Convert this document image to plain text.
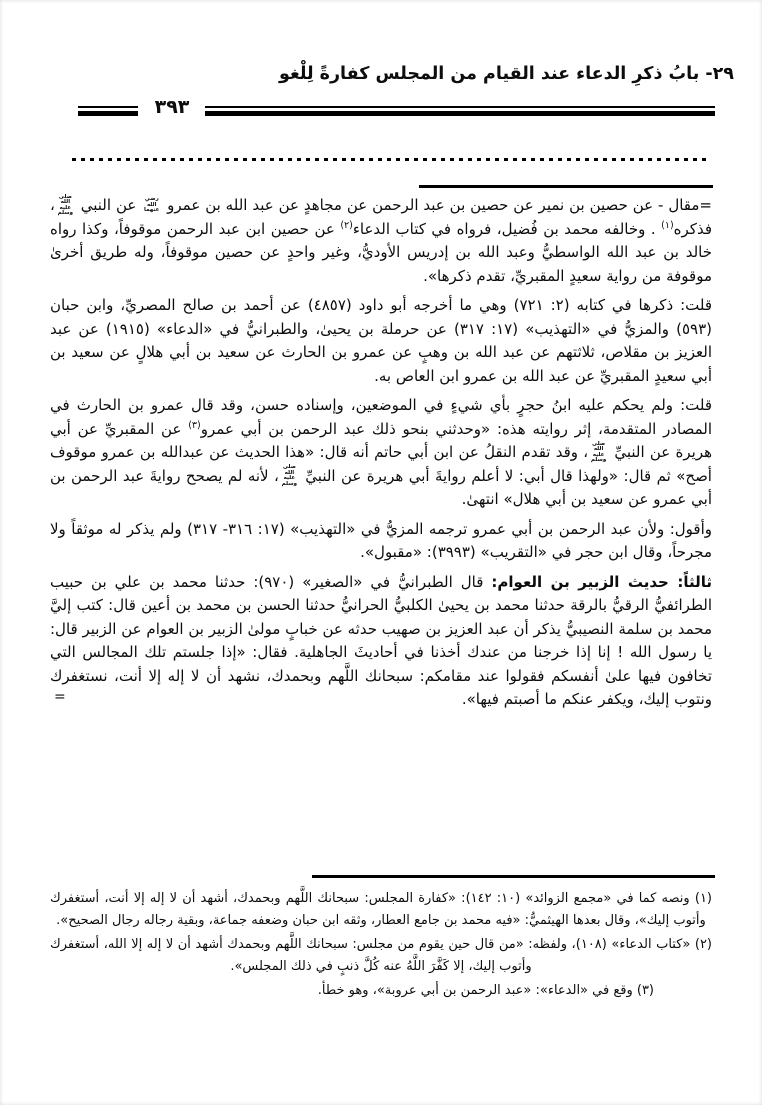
٢٩- بابُ ذكرِ الدعاء عند القيام من المجلس كفارةً لِلْغو
٣٩٣

=مقال - عن حصين بن نمير عن حصين بن عبد الرحمن عن مجاهدٍ عن عبد الله بن عمرو رضي الله عنهما عن النبي صلى الله عليه وسلم، فذكره$^{(١)}$ . وخالفه محمد بن فُضيل، فرواه في كتاب الدعاء$^{(٢)}$ عن حصين ابن عبد الرحمن موقوفاً، وكذا رواه خالد بن عبد الله الواسطيُّ وعبد الله بن إدريس الأوديُّ، وغير واحدٍ عن حصين موقوفاً، وله طريق أخرىٰ موقوفة من رواية سعيدٍ المقبريِّ، تقدم ذكرها».

قلت: ذكرها في كتابه (٢: ٧٢١) وهي ما أخرجه أبو داود (٤٨٥٧) عن أحمد بن صالح المصريِّ، وابن حبان (٥٩٣) والمزيُّ في «التهذيب» (١٧: ٣١٧) عن حرملة بن يحيىٰ، والطبرانيُّ في «الدعاء» (١٩١٥) عن عبد العزيز بن مقلاص، ثلاثتهم عن عبد الله بن وهبٍ عن عمرو بن الحارث عن سعيد بن أبي هلالٍ عن سعيد بن أبي سعيدٍ المقبريِّ عن عبد الله بن عمرو ابن العاص به.

قلت: ولم يحكم عليه ابنُ حجرٍ بأي شيءٍ في الموضعين، وإسناده حسن، وقد قال عمرو بن الحارث في المصادر المتقدمة، إثر روايته هذه: «وحدثني بنحو ذلك عبد الرحمن بن أبي عمرو$^{(٣)}$ عن المقبريِّ عن أبي هريرة عن النبيِّ صلى الله عليه وسلم، وقد تقدم النقلُ عن ابن أبي حاتم أنه قال: «هذا الحديث عن عبدالله بن عمرو موقوف أصح» ثم قال: «ولهذا قال أبي: لا أعلم روايةَ أبي هريرة عن النبيِّ صلى الله عليه وسلم، لأنه لم يصحح روايةَ عبد الرحمن بن أبي عمرو عن سعيد بن أبي هلال» انتهىٰ.

وأقول: ولأن عبد الرحمن بن أبي عمرو ترجمه المزيُّ في «التهذيب» (١٧: ٣١٦- ٣١٧) ولم يذكر له موثقاً ولا مجرحاً، وقال ابن حجر في «التقريب» (٣٩٩٣): «مقبول».

ثالثاً: حديث الزبير بن العوام: قال الطبرانيُّ في «الصغير» (٩٧٠): حدثنا محمد بن علي بن حبيب الطرائفيُّ الرقيُّ بالرقة حدثنا محمد بن يحيىٰ الكلبيُّ الحرانيُّ حدثنا الحسن بن محمد بن أعين قال: كتب إليَّ محمد بن سلمة النصيبيُّ يذكر أن عبد العزيز بن صهيب حدثه عن خبابٍ مولىٰ الزبير بن العوام عن الزبير قال: يا رسول الله ! إنا إذا خرجنا من عندك أخذنا في أحاديثَ الجاهلية. فقال: «إذا جلستم تلك المجالس التي تخافون فيها علىٰ أنفسكم فقولوا عند مقامكم: سبحانك اللَّهم وبحمدك، نشهد أن لا إله إلا أنت، نستغفرك ونتوب إليك، ويكفر عنكم ما أصبتم فيها».
=

(١) ونصه كما في «مجمع الزوائد» (١٠: ١٤٢): «كفارة المجلس: سبحانك اللَّهم وبحمدك، أشهد أن لا إله إلا أنت، أستغفرك وأتوب إليك»، وقال بعدها الهيثميُّ: «فيه محمد بن جامع العطار، وثقه ابن حبان وضعفه جماعة، وبقية رجاله رجال الصحيح».

(٢) «كتاب الدعاء» (١٠٨)، ولفظه: «من قال حين يقوم من مجلس: سبحانك اللَّهم وبحمدك أشهد أن لا إله إلا الله، أستغفرك وأتوب إليك، إلا كَفَّرَ اللَّهُ عنه كُلَّ ذنبٍ في ذلك المجلس».

(٣) وقع في «الدعاء»: «عبد الرحمن بن أبي عروبة»، وهو خطأ.
